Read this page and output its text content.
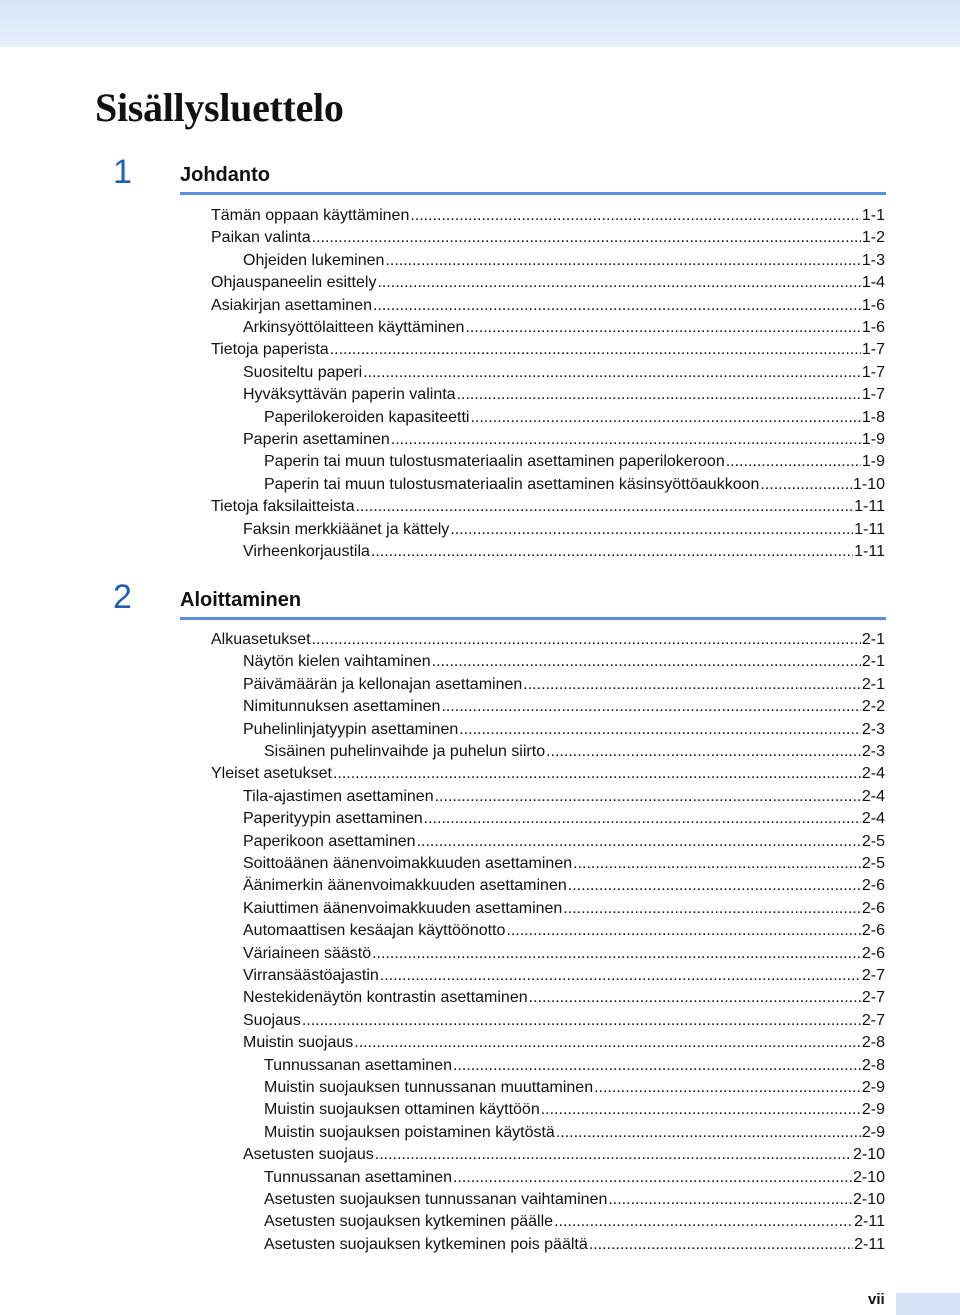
Sisällysluettelo
1 Johdanto
Tämän oppaan käyttäminen .....	1-1
Paikan valinta .....	1-2
Ohjeiden lukeminen .....	1-3
Ohjauspaneelin esittely .....	1-4
Asiakirjan asettaminen .....	1-6
Arkinsyöttölaitteen käyttäminen .....	1-6
Tietoja paperista .....	1-7
Suositeltu paperi .....	1-7
Hyväksyttävän paperin valinta .....	1-7
Paperilokeroiden kapasiteetti .....	1-8
Paperin asettaminen .....	1-9
Paperin tai muun tulostusmateriaalin asettaminen paperilokeroon .....	1-9
Paperin tai muun tulostusmateriaalin asettaminen käsinsyöttöaukkoon .....	1-10
Tietoja faksilaitteista .....	1-11
Faksin merkkiäänet ja kättely .....	1-11
Virheenkorjaustila .....	1-11
2 Aloittaminen
Alkuasetukset .....	2-1
Näytön kielen vaihtaminen .....	2-1
Päivämäärän ja kellonajan asettaminen .....	2-1
Nimitunnuksen asettaminen .....	2-2
Puhelinlinjatyypin asettaminen .....	2-3
Sisäinen puhelinvaihde ja puhelun siirto .....	2-3
Yleiset asetukset .....	2-4
Tila-ajastimen asettaminen .....	2-4
Paperityypin asettaminen .....	2-4
Paperikoon asettaminen .....	2-5
Soittoäänen äänenvoimakkuuden asettaminen .....	2-5
Äänimerkin äänenvoimakkuuden asettaminen .....	2-6
Kaiuttimen äänenvoimakkuuden asettaminen .....	2-6
Automaattisen kesäajan käyttöönotto .....	2-6
Väriaineen säästö .....	2-6
Virransäästöajastin .....	2-7
Nestekidenäytön kontrastin asettaminen .....	2-7
Suojaus .....	2-7
Muistin suojaus .....	2-8
Tunnussanan asettaminen .....	2-8
Muistin suojauksen tunnussanan muuttaminen .....	2-9
Muistin suojauksen ottaminen käyttöön .....	2-9
Muistin suojauksen poistaminen käytöstä .....	2-9
Asetusten suojaus .....	2-10
Tunnussanan asettaminen .....	2-10
Asetusten suojauksen tunnussanan vaihtaminen .....	2-10
Asetusten suojauksen kytkeminen päälle .....	2-11
Asetusten suojauksen kytkeminen pois päältä .....	2-11
vii
